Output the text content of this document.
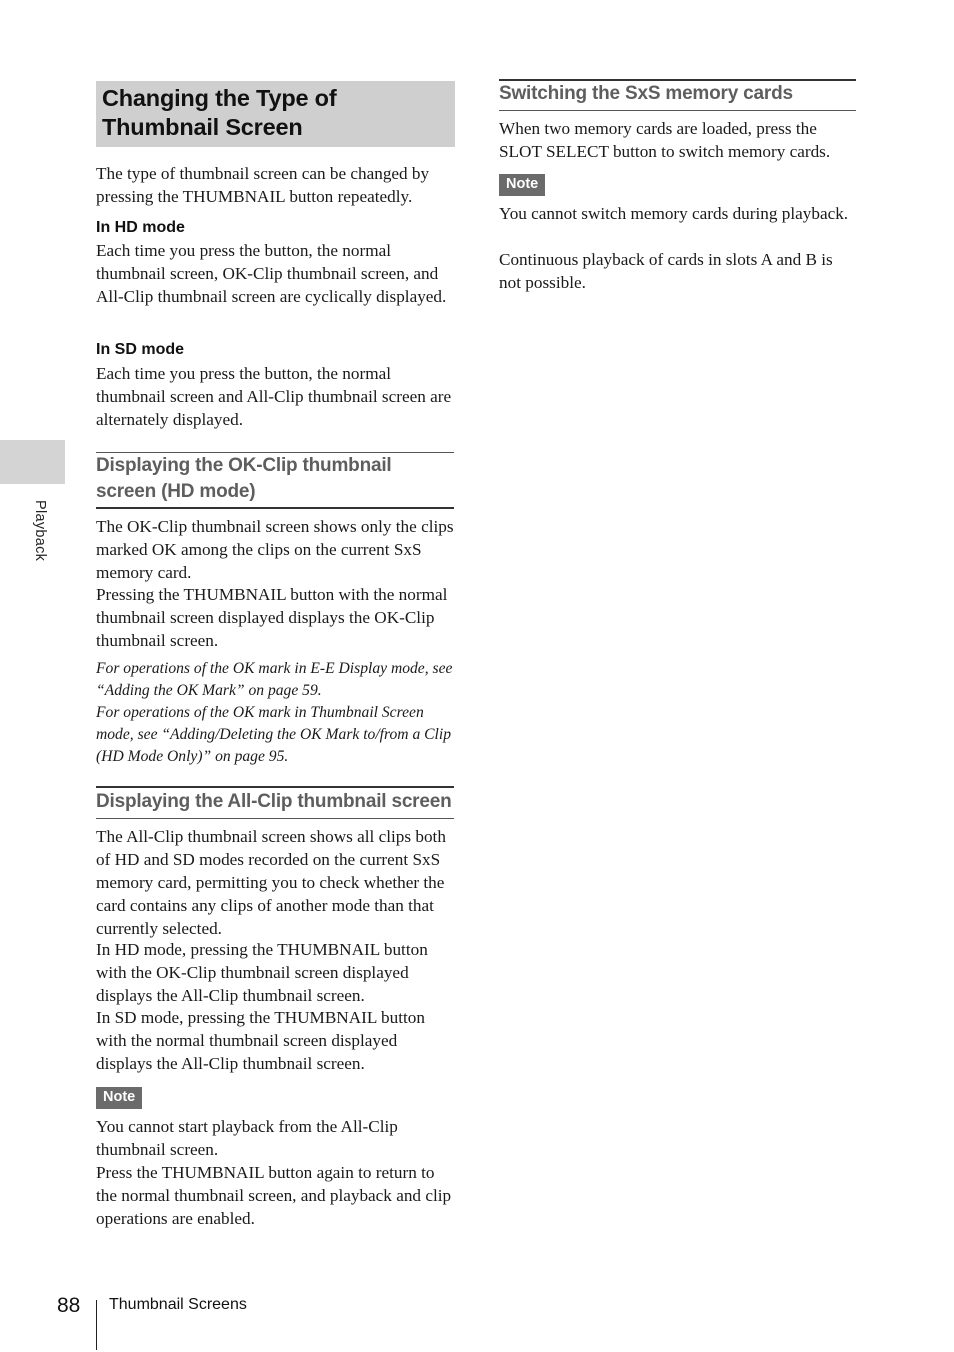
Playback
Changing the Type of Thumbnail Screen

The type of thumbnail screen can be changed by pressing the THUMBNAIL button repeatedly.

In HD mode

Each time you press the button, the normal thumbnail screen, OK-Clip thumbnail screen, and All-Clip thumbnail screen are cyclically displayed.

In SD mode

Each time you press the button, the normal thumbnail screen and All-Clip thumbnail screen are alternately displayed.

Displaying the OK-Clip thumbnail screen (HD mode)

The OK-Clip thumbnail screen shows only the clips marked OK among the clips on the current SxS memory card.

Pressing the THUMBNAIL button with the normal thumbnail screen displayed displays the OK-Clip thumbnail screen.

For operations of the OK mark in E-E Display mode, see “Adding the OK Mark” on page 59.

For operations of the OK mark in Thumbnail Screen mode, see “Adding/Deleting the OK Mark to/from a Clip (HD Mode Only)” on page 95.

Displaying the All-Clip thumbnail screen

The All-Clip thumbnail screen shows all clips both of HD and SD modes recorded on the current SxS memory card, permitting you to check whether the card contains any clips of another mode than that currently selected.

In HD mode, pressing the THUMBNAIL button with the OK-Clip thumbnail screen displayed displays the All-Clip thumbnail screen.

In SD mode, pressing the THUMBNAIL button with the normal thumbnail screen displayed displays the All-Clip thumbnail screen.

Note

You cannot start playback from the All-Clip thumbnail screen.

Press the THUMBNAIL button again to return to the normal thumbnail screen, and playback and clip operations are enabled.

Switching the SxS memory cards

When two memory cards are loaded, press the SLOT SELECT button to switch memory cards.

Note

You cannot switch memory cards during playback.

Continuous playback of cards in slots A and B is not possible.

88 Thumbnail Screens
